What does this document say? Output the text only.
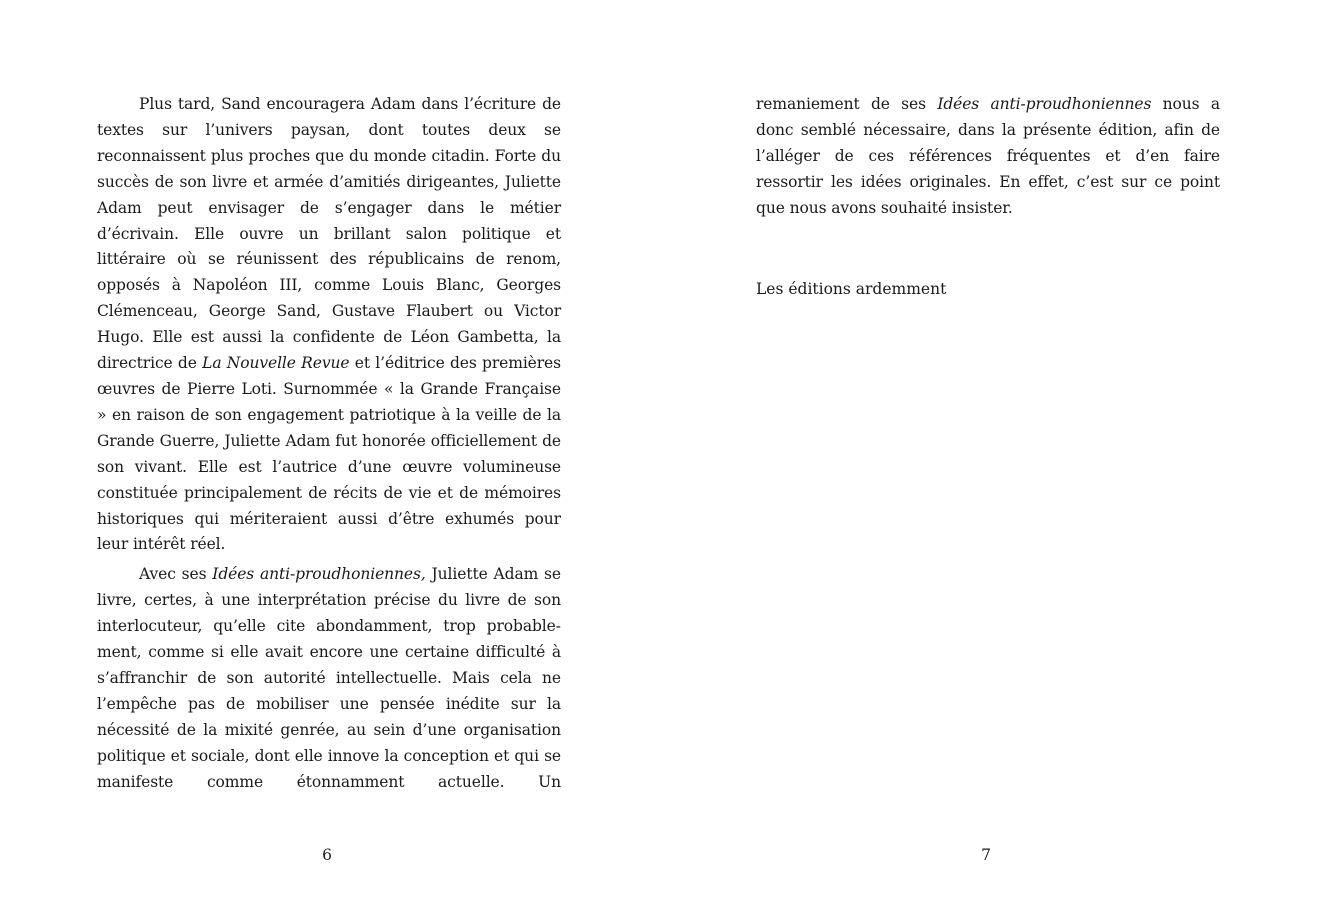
Plus tard, Sand encouragera Adam dans l’écriture de textes sur l’univers paysan, dont toutes deux se reconnaissent plus proches que du monde citadin. Forte du succès de son livre et armée d’amitiés dirigeantes, Juliette Adam peut envisager de s’engager dans le métier d’écrivain. Elle ouvre un brillant salon politique et littéraire où se réunissent des républicains de renom, opposés à Napoléon III, comme Louis Blanc, Georges Clémenceau, George Sand, Gustave Flaubert ou Victor Hugo. Elle est aussi la confidente de Léon Gambetta, la directrice de La Nouvelle Revue et l’éditrice des premières œuvres de Pierre Loti. Surnommée « la Grande Française » en raison de son engagement patriotique à la veille de la Grande Guerre, Juliette Adam fut honorée officiellement de son vivant. Elle est l’autrice d’une œuvre volumineuse constituée principalement de récits de vie et de mémoires historiques qui mériteraient aussi d’être exhumés pour leur intérêt réel.

Avec ses Idées anti-proudhoniennes, Juliette Adam se livre, certes, à une interprétation précise du livre de son interlocuteur, qu’elle cite abondamment, trop probablement, comme si elle avait encore une certaine difficulté à s’affranchir de son autorité intellectuelle. Mais cela ne l’empêche pas de mobiliser une pensée inédite sur la nécessité de la mixité genrée, au sein d’une organisation politique et sociale, dont elle innove la conception et qui se manifeste comme étonnamment actuelle. Un

6

remaniement de ses Idées anti-proudhoniennes nous a donc semblé nécessaire, dans la présente édition, afin de l’alléger de ces références fréquentes et d’en faire ressortir les idées originales. En effet, c’est sur ce point que nous avons souhaité insister.

Les éditions ardemment

7
